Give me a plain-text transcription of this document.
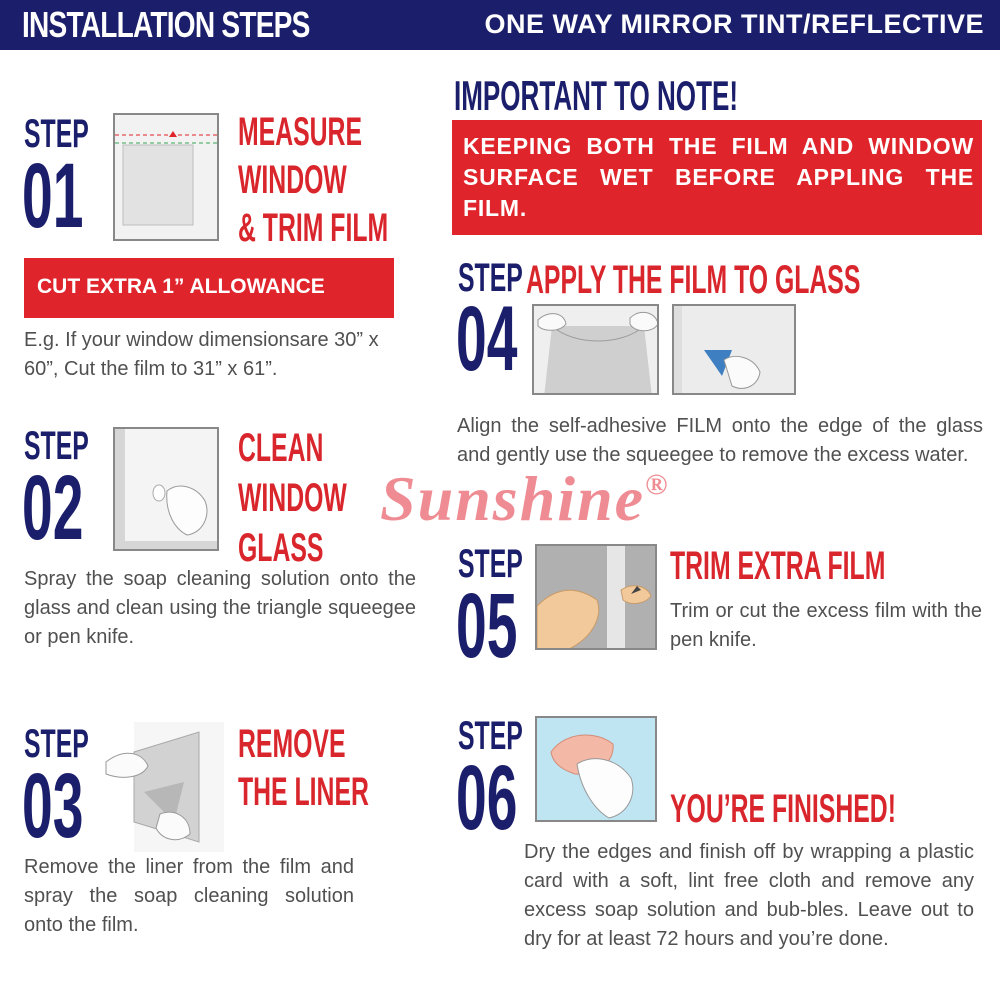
INSTALLATION STEPS	ONE WAY MIRROR TINT/REFLECTIVE
STEP
01
MEASURE
WINDOW
& TRIM FILM
CUT EXTRA 1” ALLOWANCE
E.g. If your window dimensionsare 30” x 60”, Cut the film to 31” x 61”.
STEP
02
CLEAN
WINDOW
GLASS
Spray the soap cleaning solution onto the glass and clean using the triangle squeegee or pen knife.
STEP
03
REMOVE
THE LINER
Remove the liner from the film and spray the soap cleaning solution onto the film.
IMPORTANT TO NOTE!
KEEPING BOTH THE FILM AND WINDOW SURFACE WET BEFORE APPLING THE FILM.
STEP
04
APPLY THE FILM TO GLASS
Align the self-adhesive FILM onto the edge of the glass and gently use the squeegee to remove the excess water.
STEP
05
TRIM EXTRA FILM
Trim or cut the excess film with the pen knife.
STEP
06	YOU’RE FINISHED!
Dry the edges and finish off by wrapping a plastic card with a soft, lint free cloth and remove any excess soap solution and bub-bles. Leave out to dry for at least 72 hours and you’re done.
Sunshine®
